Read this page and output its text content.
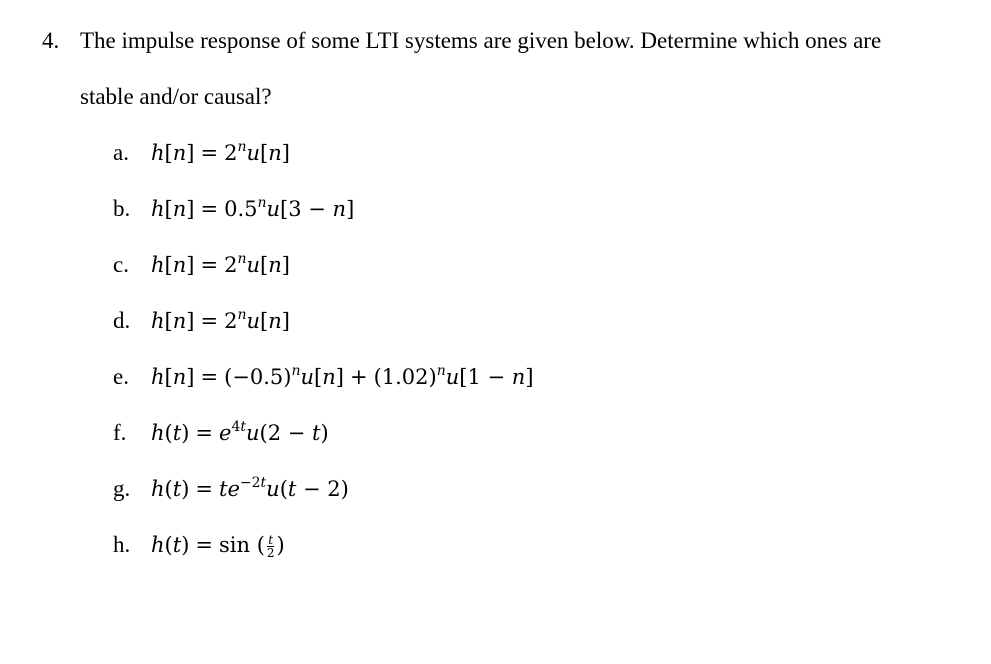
4. The impulse response of some LTI systems are given below. Determine which ones are
stable and/or causal?
a.	$h[n] = 2^nu[n]$
b. $h[n] = 0.5^nu[3 - n]$
c.	$h[n] = 2^nu[n]$
d. $h[n] = 2^nu[n]$
e.	$h[n] = (-0.5)^nu[n] + (1.02)^nu[1 - n]$
f.	$h(t) = e^{4t}u(2 - t)$
g. $h(t) = te^{-2t}u(t - 2)$
h. h(t) = sin ( $\frac{t}{2}$ )
